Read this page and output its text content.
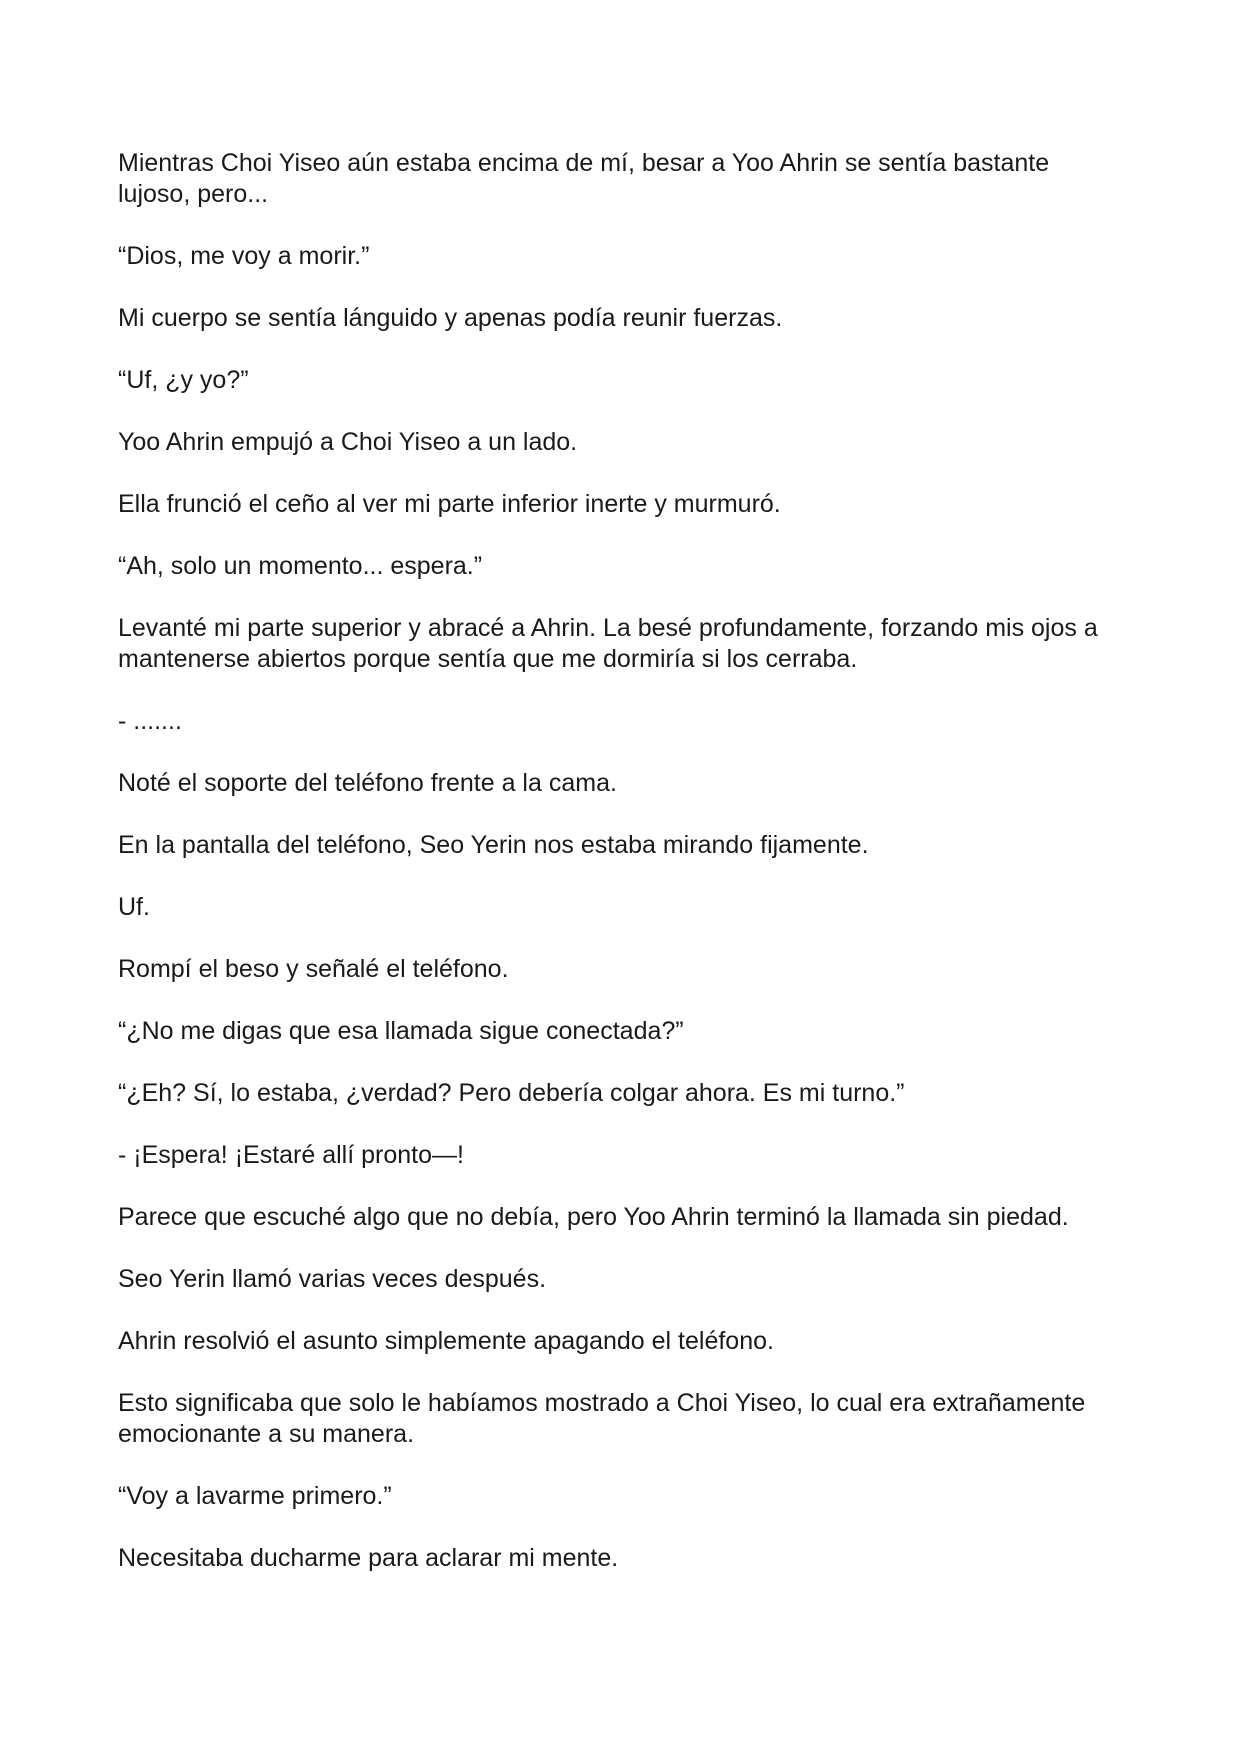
Mientras Choi Yiseo aún estaba encima de mí, besar a Yoo Ahrin se sentía bastante lujoso, pero...

“Dios, me voy a morir.”

Mi cuerpo se sentía lánguido y apenas podía reunir fuerzas.

“Uf, ¿y yo?”

Yoo Ahrin empujó a Choi Yiseo a un lado.

Ella frunció el ceño al ver mi parte inferior inerte y murmuró.

“Ah, solo un momento... espera.”

Levanté mi parte superior y abracé a Ahrin. La besé profundamente, forzando mis ojos a mantenerse abiertos porque sentía que me dormiría si los cerraba.

- .......

Noté el soporte del teléfono frente a la cama.

En la pantalla del teléfono, Seo Yerin nos estaba mirando fijamente.

Uf.

Rompí el beso y señalé el teléfono.

“¿No me digas que esa llamada sigue conectada?”

“¿Eh? Sí, lo estaba, ¿verdad? Pero debería colgar ahora. Es mi turno.”

- ¡Espera! ¡Estaré allí pronto—!

Parece que escuché algo que no debía, pero Yoo Ahrin terminó la llamada sin piedad.

Seo Yerin llamó varias veces después.

Ahrin resolvió el asunto simplemente apagando el teléfono.

Esto significaba que solo le habíamos mostrado a Choi Yiseo, lo cual era extrañamente emocionante a su manera.

“Voy a lavarme primero.”

Necesitaba ducharme para aclarar mi mente.
